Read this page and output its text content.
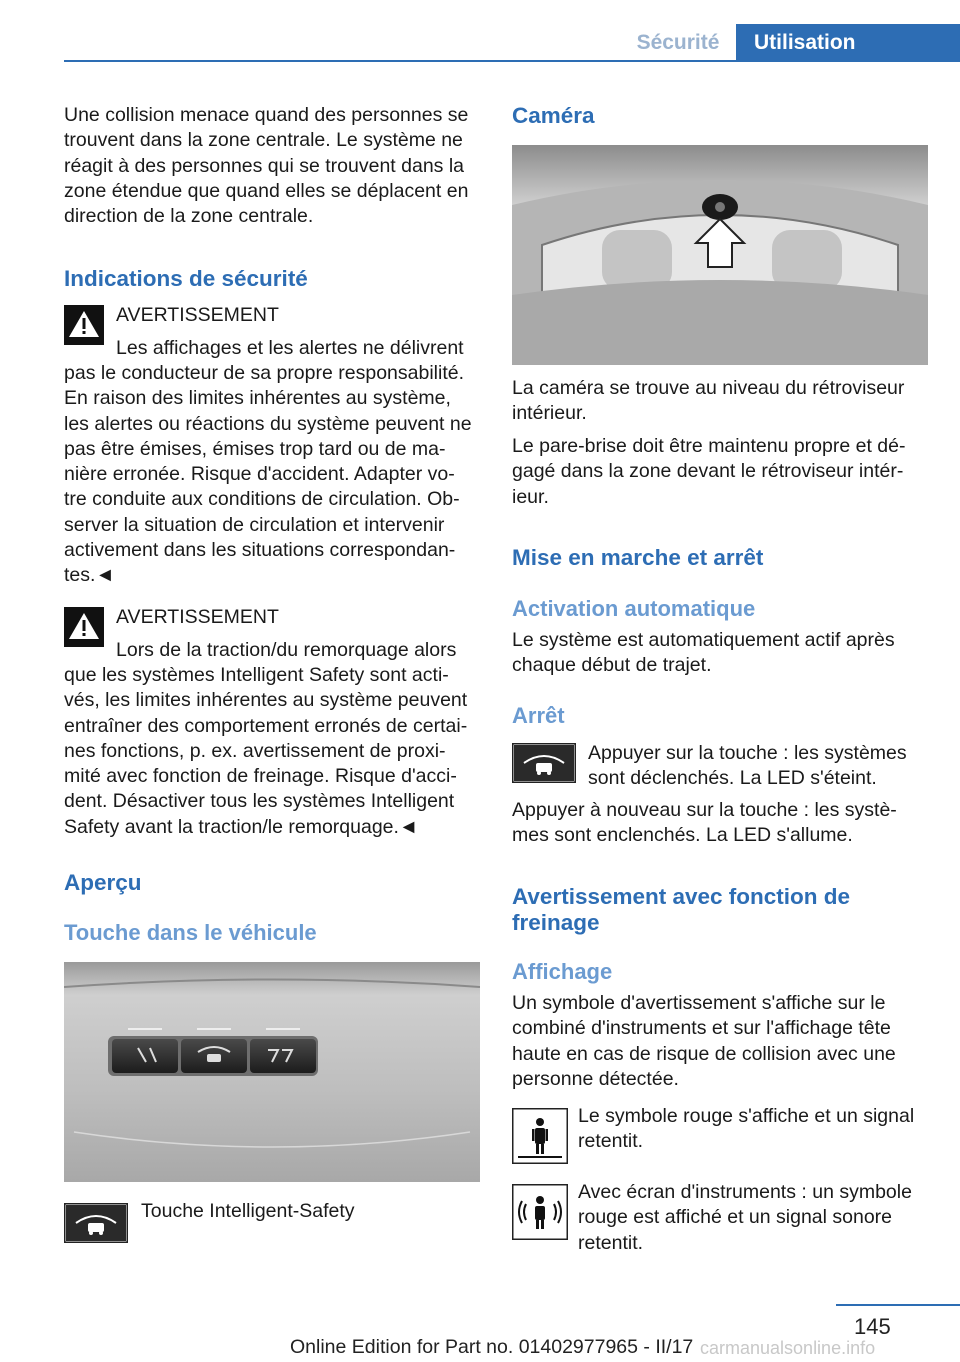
Sécurité	Utilisation

Une collision menace quand des personnes se

trouvent dans la zone centrale. Le système ne

réagit à des personnes qui se trouvent dans la

zone étendue que quand elles se déplacent en

direction de la zone centrale.

Indications de sécurité

AVERTISSEMENT

Les affichages et les alertes ne délivrent

pas le conducteur de sa propre responsabilité.

En raison des limites inhérentes au système,

les alertes ou réactions du système peuvent ne

pas être émises, émises trop tard ou de ma‐

nière erronée. Risque d'accident. Adapter vo‐

tre conduite aux conditions de circulation. Ob‐

server la situation de circulation et intervenir

activement dans les situations correspondan‐

tes.◄

AVERTISSEMENT

Lors de la traction/du remorquage alors

que les systèmes Intelligent Safety sont acti‐

vés, les limites inhérentes au système peuvent

entraîner des comportement erronés de certai‐

nes fonctions, p. ex. avertissement de proxi‐

mité avec fonction de freinage. Risque d'acci‐

dent. Désactiver tous les systèmes Intelligent

Safety avant la traction/le remorquage.◄

Aperçu
Touche dans le véhicule

Touche Intelligent-Safety

Caméra

La caméra se trouve au niveau du rétroviseur

intérieur.

Le pare-brise doit être maintenu propre et dé‐

gagé dans la zone devant le rétroviseur intér‐

ieur.

Mise en marche et arrêt
Activation automatique

Le système est automatiquement actif après

chaque début de trajet.

Arrêt

Appuyer sur la touche : les systèmes

sont déclenchés. La LED s'éteint.

Appuyer à nouveau sur la touche : les systè‐

mes sont enclenchés. La LED s'allume.

Avertissement avec fonction de
freinage
Affichage

Un symbole d'avertissement s'affiche sur le

combiné d'instruments et sur l'affichage tête

haute en cas de risque de collision avec une

personne détectée.

Le symbole rouge s'affiche et un signal

retentit.

Avec écran d'instruments : un symbole

rouge est affiché et un signal sonore

retentit.

145
Online Edition for Part no. 01402977965 - II/17 carmanualsonline.info
